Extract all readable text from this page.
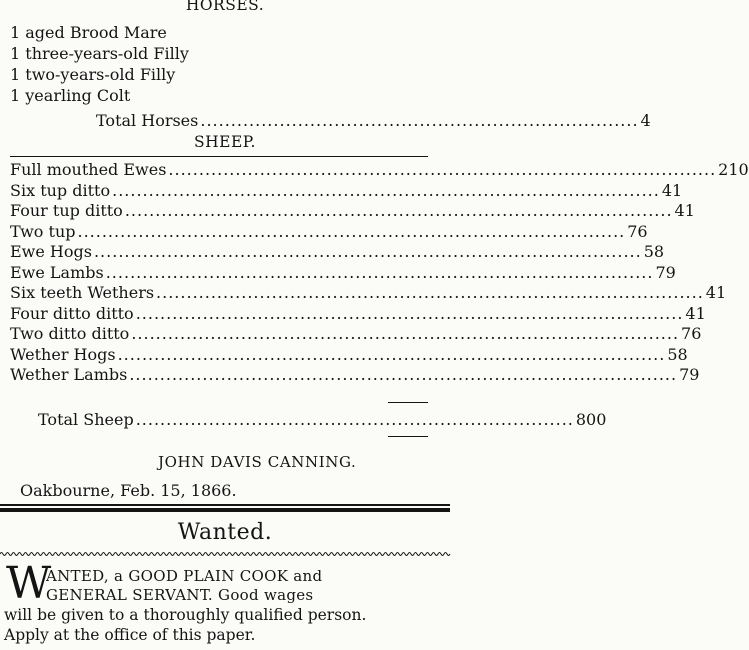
HORSES.
1 aged Brood Mare
1 three-years-old Filly
1 two-years-old Filly
1 yearling Colt
Total Horses ........................................................................ 4
SHEEP.
Full mouthed Ewes .......................................................................................... 210
Six tup ditto .......................................................................................... 41
Four tup ditto .......................................................................................... 41
Two tup .......................................................................................... 76
Ewe Hogs .......................................................................................... 58
Ewe Lambs .......................................................................................... 79
Six teeth Wethers .......................................................................................... 41
Four ditto ditto .......................................................................................... 41
Two ditto ditto .......................................................................................... 76
Wether Hogs .......................................................................................... 58
Wether Lambs .......................................................................................... 79
Total Sheep ........................................................................ 800
JOHN DAVIS CANNING.
Oakbourne, Feb. 15, 1866.
Wanted.
W
ANTED, a GOOD PLAIN COOK and
GENERAL SERVANT. Good wages
will be given to a thoroughly qualified person.
Apply at the office of this paper.
